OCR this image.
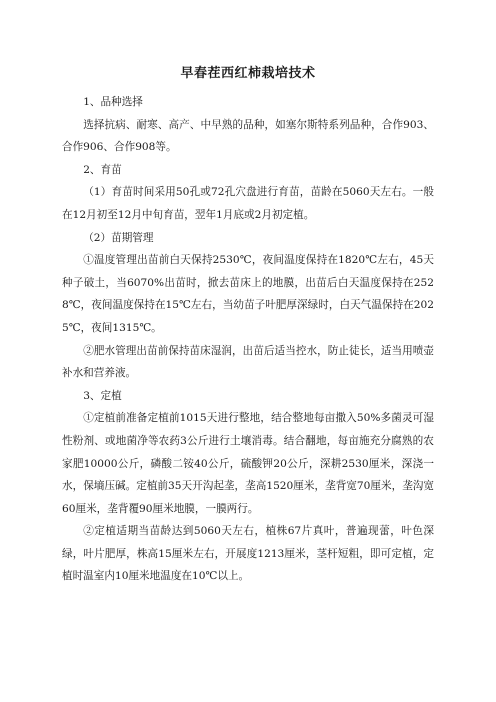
早春茬西红柿栽培技术

1、品种选择

选择抗病、耐寒、高产、中早熟的品种，如塞尔斯特系列品种，合作903、合作906、合作908等。

2、育苗

（1）育苗时间采用50孔或72孔穴盘进行育苗，苗龄在5060天左右。一般在12月初至12月中旬育苗，翌年1月底或2月初定植。

（2）苗期管理

①温度管理出苗前白天保持2530℃，夜间温度保持在1820℃左右，45天种子破土，当6070%出苗时，掀去苗床上的地膜，出苗后白天温度保持在2528℃，夜间温度保持在15℃左右，当幼苗子叶肥厚深绿时，白天气温保持在2025℃，夜间1315℃。

②肥水管理出苗前保持苗床湿润，出苗后适当控水，防止徒长，适当用喷壶补水和营养液。

3、定植

①定植前准备定植前1015天进行整地，结合整地每亩撒入50%多菌灵可湿性粉剂、或地菌净等农药3公斤进行土壤消毒。结合翻地，每亩施充分腐熟的农家肥10000公斤，磷酸二铵40公斤，硫酸钾20公斤，深耕2530厘米，深浇一水，保墒压碱。定植前35天开沟起垄，垄高1520厘米，垄背宽70厘米，垄沟宽60厘米，垄背覆90厘米地膜，一膜两行。

②定植适期当苗龄达到5060天左右，植株67片真叶，普遍现蕾，叶色深绿，叶片肥厚，株高15厘米左右，开展度1213厘米，茎杆短粗，即可定植，定植时温室内10厘米地温度在10℃以上。
